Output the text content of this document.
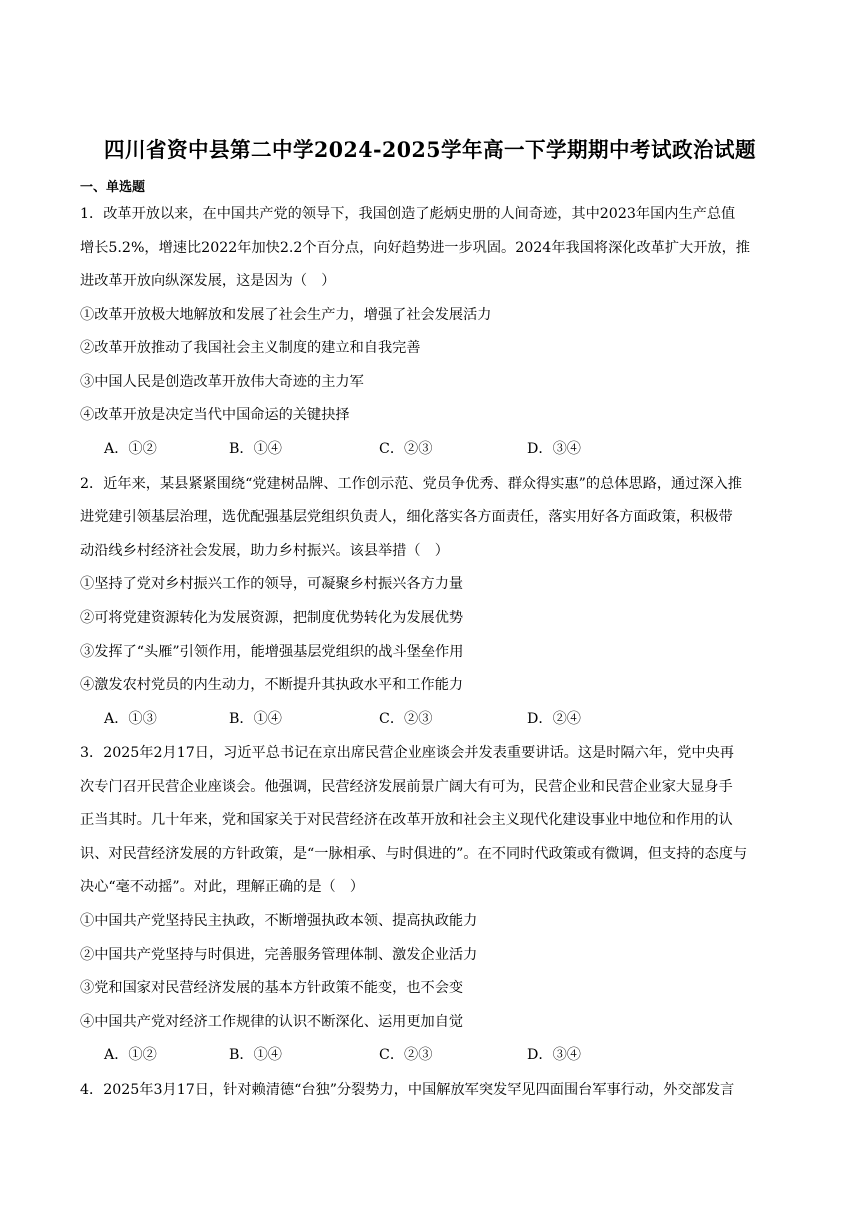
四川省资中县第二中学2024-2025学年高一下学期期中考试政治试题
一、单选题
1．改革开放以来，在中国共产党的领导下，我国创造了彪炳史册的人间奇迹，其中2023年国内生产总值
增长5.2%，增速比2022年加快2.2个百分点，向好趋势进一步巩固。2024年我国将深化改革扩大开放，推
进改革开放向纵深发展，这是因为（　）
①改革开放极大地解放和发展了社会生产力，增强了社会发展活力
②改革开放推动了我国社会主义制度的建立和自我完善
③中国人民是创造改革开放伟大奇迹的主力军
④改革开放是决定当代中国命运的关键抉择
A．①②	B．①④	C．②③	D．③④
2．近年来，某县紧紧围绕“党建树品牌、工作创示范、党员争优秀、群众得实惠”的总体思路，通过深入推
进党建引领基层治理，选优配强基层党组织负责人，细化落实各方面责任，落实用好各方面政策，积极带
动沿线乡村经济社会发展，助力乡村振兴。该县举措（　）
①坚持了党对乡村振兴工作的领导，可凝聚乡村振兴各方力量
②可将党建资源转化为发展资源，把制度优势转化为发展优势
③发挥了“头雁”引领作用，能增强基层党组织的战斗堡垒作用
④激发农村党员的内生动力，不断提升其执政水平和工作能力
A．①③	B．①④	C．②③	D．②④
3．2025年2月17日，习近平总书记在京出席民营企业座谈会并发表重要讲话。这是时隔六年，党中央再
次专门召开民营企业座谈会。他强调，民营经济发展前景广阔大有可为，民营企业和民营企业家大显身手
正当其时。几十年来，党和国家关于对民营经济在改革开放和社会主义现代化建设事业中地位和作用的认
识、对民营经济发展的方针政策，是“一脉相承、与时俱进的”。在不同时代政策或有微调，但支持的态度与
决心“毫不动摇”。对此，理解正确的是（　）
①中国共产党坚持民主执政，不断增强执政本领、提高执政能力
②中国共产党坚持与时俱进，完善服务管理体制、激发企业活力
③党和国家对民营经济发展的基本方针政策不能变，也不会变
④中国共产党对经济工作规律的认识不断深化、运用更加自觉
A．①②	B．①④	C．②③	D．③④
4．2025年3月17日，针对赖清德“台独”分裂势力，中国解放军突发罕见四面围台军事行动，外交部发言
